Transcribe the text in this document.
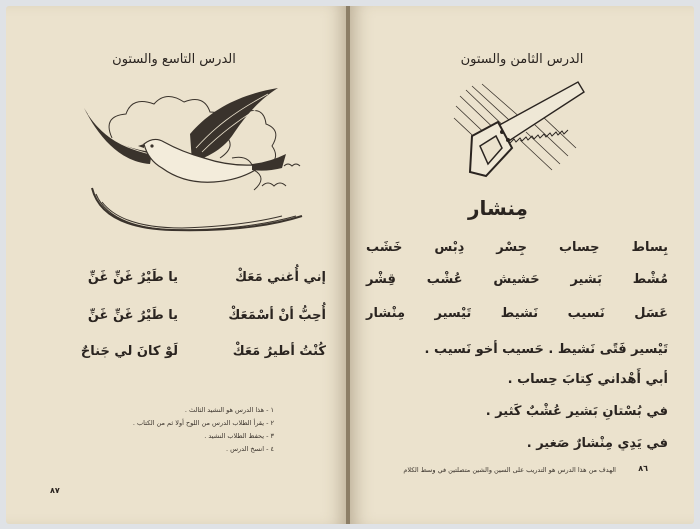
الدرس التاسع والستون
إني أُغني مَعَكْ
يا طَيْرُ غَنِّ غَنِّ
أُحِبُّ أنْ أسْمَعَكْ
يا طَيْرُ غَنِّ غَنِّ
كُنْتُ أطيرُ مَعَكْ
لَوْ كانَ لي جَناحٌ
١ - هذا الدرس هو النشيد الثالث .
٢ - يقرأ الطلاب الدرس من اللوح أولا ثم من الكتاب .
٣ - يحفظ الطلاب النشيد .
٤ - انسخ الدرس .
٨٧
الدرس الثامن والستون
مِنشار
خَشَب دِبْس جِسْر حِساب بِساط
قِشْر عُشْب حَشيش بَشير مُشْط
مِنْشار تَيْسير نَشيط نَسيب عَسَل
تَيْسير فَتًى نَشيط . حَسيب أخو نَسيب .
أبي أَهْداني كِتابَ حِساب .
في بُسْتانِ بَشير عُشْبٌ كَثير .
في يَدِي مِنْشارٌ صَغير .
٨٦
الهدف من هذا الدرس هو التدريب على السين والشين متصلتين في وسط الكلام
